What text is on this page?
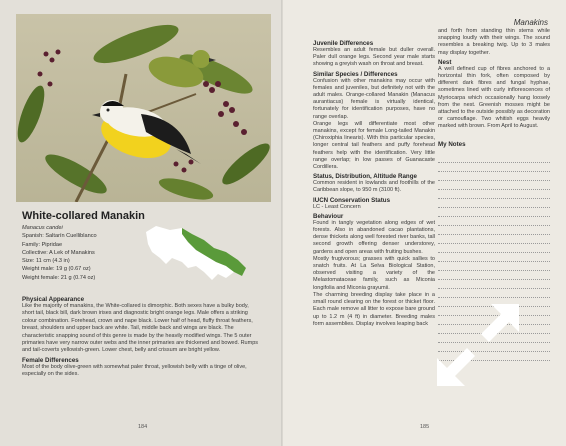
White-collared Manakin
Manacus candei
Spanish: Saltarín Cuelliblanco
Family: Pipridae
Collective: A Lek of Manakins
Size: 11 cm (4.3 in)
Weight male: 19 g (0.67 oz)
Weight female: 21 g (0.74 oz)
Physical Appearance

Like the majority of manakins, the White-collared is dimorphic. Both sexes have a bulky body, short tail, black bill, dark brown irises and diagnostic bright orange legs. Male offers a striking colour combination. Forehead, crown and nape black. Lower half of head, fluffy throat feathers, breast, shoulders and upper back are white. Tail, middle back and wings are black. The characteristic snapping sound of this genre is made by the heavily modified wings. The 5 outer primaries have very narrow outer webs and the inner primaries are thickened and bowed. Rumps and tail-coverts yellowish-green. Lower chest, belly and crissum are bright yellow.

Female Differences

Most of the body olive-green with somewhat paler throat, yellowish belly with a tinge of olive, especially on the sides.

184
Manakins
Juvenile Differences

Resembles an adult female but duller overall. Paler dull orange legs. Second year male starts showing a greyish wash on throat and breast.

Similar Species / Differences

Confusion with other manakins may occur with females and juveniles, but definitely not with the adult males. Orange-collared Manakin (Manacus aurantiacus) female is virtually identical, fortunately for identification purposes, have no range overlap.

Orange legs will differentiate most other manakins, except for female Long-tailed Manakin (Chiroxiphia linearis). With this particular species, longer central tail feathers and puffy forehead feathers help with the identification. Very little range overlap; in low passes of Guanacaste Cordillera.

Status, Distribution, Altitude Range

Common resident in lowlands and foothills of the Caribbean slope, to 950 m (3100 ft).

IUCN Conservation Status

LC - Least Concern

Behaviour

Found in tangly vegetation along edges of wet forests. Also in abandoned cacao plantations, dense thickets along well forested river banks, tall second growth offering denser understorey, gardens and open areas with fruiting bushes.

Mostly frugivorous; grasses with quick sallies to snatch fruits. At La Selva Biological Station, observed visiting a variety of the Melastomataceae family, such as Miconia longifolia and Miconia grayumii.

The charming breeding display take place in a small round clearing on the forest or thicket floor. Each male remove all litter to expose bare ground up to 1.2 m (4 ft) in diameter. Breeding males form assemblies. Display involves leaping back

and forth from standing thin stems while snapping loudly with their wings. The sound resembles a breaking twig. Up to 3 males may display together.

Nest

A well defined cup of fibres anchored to a horizontal thin fork, often composed by different dark fibres and fungal hyphae, sometimes lined with curly inflorescences of Myriocarpa which occasionally hang loosely from the nest. Greenish mosses might be attached to the outside possibly as decoration or camouflage. Two whitish eggs heavily marked with brown. From April to August.

My Notes
185
